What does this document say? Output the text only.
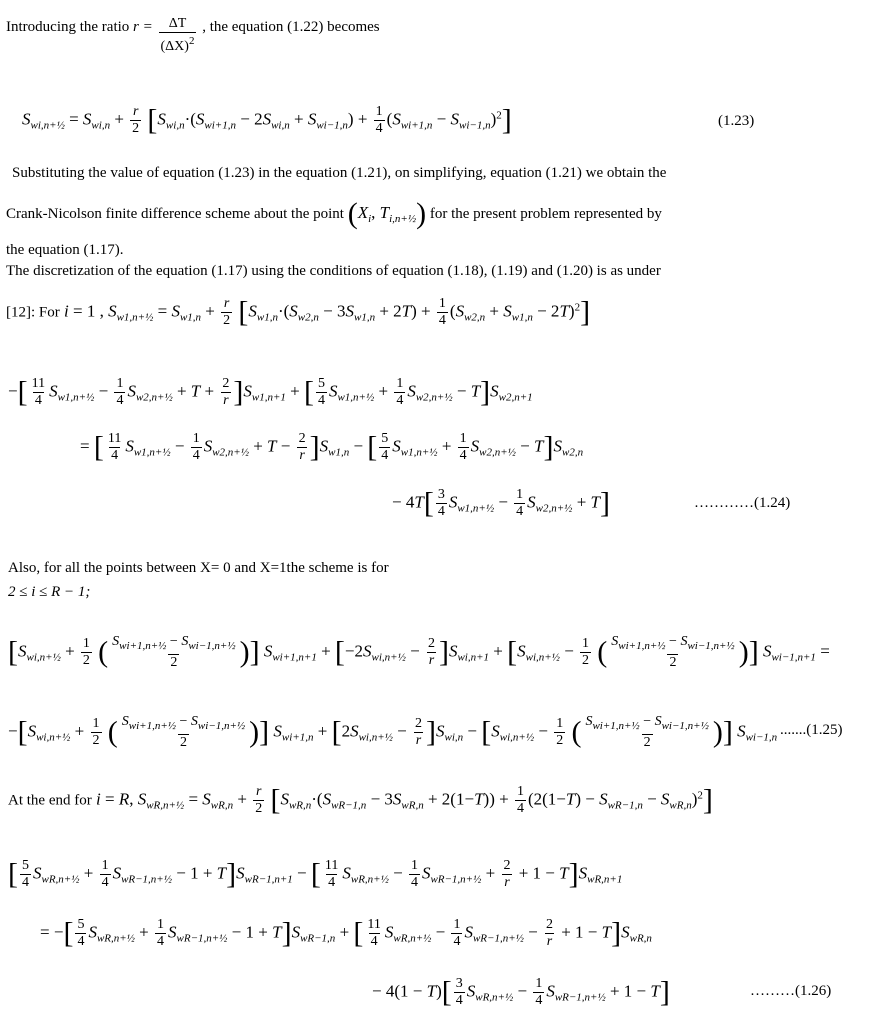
Introducing the ratio $r = \frac{\Delta T}{(\Delta X)^2}$ , the equation (1.22) becomes
$S_{wi,n+\frac{1}{2}} = S_{wi,n} + \frac{r}{2} [S_{wi,n}\cdot(S_{wi+1,n} - 2S_{wi,n} + S_{wi-1,n}) + \frac{1}{4} (S_{wi+1,n} - S_{wi-1,n})^2]$	(1.23)
Substituting the value of equation (1.23) in the equation (1.21), on simplifying, equation (1.21) we obtain the
Crank-Nicolson finite difference scheme about the point ($X_i$, $T_{i,n+\frac{1}{2}}$) for the present problem represented by
the equation (1.17).
The discretization of the equation (1.17) using the conditions of equation (1.18), (1.19) and (1.20) is as under
[12]: For i = 1 , $S_{w1,n+\frac{1}{2}} = S_{w1,n} + \frac{r}{2} [S_{w1,n}\cdot(S_{w2,n} - 3S_{w1,n} + 2T) + \frac{1}{4} (S_{w2,n} + S_{w1,n} - 2T)^2]$
−[ $\frac{11}{4} S_{w1,n+\frac{1}{2}} - \frac{1}{4} S_{w2,n+\frac{1}{2}} + T + \frac{2}{r} ]S_{w1,n+1}$ + [ $\frac{5}{4} S_{w1,n+\frac{1}{2}} + \frac{1}{4} S_{w2,n+\frac{1}{2}} - T]S_{w2,n+1}$
= [ $\frac{11}{4} S_{w1,n+\frac{1}{2}} - \frac{1}{4} S_{w2,n+\frac{1}{2}} + T - \frac{2}{r} ]S_{w1,n}$ − [ $\frac{5}{4} S_{w1,n+\frac{1}{2}} + \frac{1}{4} S_{w2,n+\frac{1}{2}} - T]S_{w2,n}$
− $4T[ \frac{3}{4} S_{w1,n+\frac{1}{2}} - \frac{1}{4} S_{w2,n+\frac{1}{2}} + T]$	…………(1.24)
Also, for all the points between X= 0 and X=1the scheme is for
2 ≤ i ≤ R − 1;
[$S_{wi,n+\frac{1}{2}} + \frac{1}{2}$ ( $\frac{S_{wi+1,n+\frac{1}{2}} - S_{wi-1,n+\frac{1}{2}}}{2}$ )] $S_{wi+1,n+1} + [-2S_{wi,n+\frac{1}{2}} - \frac{2}{r} ]S_{wi,n+1} + [S_{wi,n+\frac{1}{2}} - \frac{1}{2}$ ( $\frac{S_{wi+1,n+\frac{1}{2}} - S_{wi-1,n+\frac{1}{2}}}{2}$ )] $S_{wi-1,n+1}$ =
$-[S_{wi,n+\frac{1}{2}} + \frac{1}{2}$ ( $\frac{S_{wi+1,n+\frac{1}{2}} - S_{wi-1,n+\frac{1}{2}}}{2}$ )] $S_{wi+1,n} + [2S_{wi,n+\frac{1}{2}} - \frac{2}{r} ]S_{wi,n} - [S_{wi,n+\frac{1}{2}} - \frac{1}{2}$ ( $\frac{S_{wi+1,n+\frac{1}{2}} - S_{wi-1,n+\frac{1}{2}}}{2}$ )] $S_{wi-1,n}$ .......(1.25)
At the end for i = R, $S_{wR,n+\frac{1}{2}} = S_{wR,n} + \frac{r}{2} [S_{wR,n}\cdot(S_{wR-1,n} - 3S_{wR,n} + 2(1-T)) + \frac{1}{4} (2(1-T) - S_{wR-1,n} - S_{wR,n})^2]$
[ $\frac{5}{4} S_{wR,n+\frac{1}{2}} + \frac{1}{4} S_{wR-1,n+\frac{1}{2}} - 1 + T]S_{wR-1,n+1}$ − [ $\frac{11}{4} S_{wR,n+\frac{1}{2}} - \frac{1}{4} S_{wR-1,n+\frac{1}{2}} + \frac{2}{r} + 1 - T]S_{wR,n+1}$
= −[ $\frac{5}{4} S_{wR,n+\frac{1}{2}} + \frac{1}{4} S_{wR-1,n+\frac{1}{2}} - 1 + T]S_{wR-1,n}$ + [ $\frac{11}{4} S_{wR,n+\frac{1}{2}} - \frac{1}{4} S_{wR-1,n+\frac{1}{2}} - \frac{2}{r} + 1 - T]S_{wR,n}$
− $4(1 - T)[ \frac{3}{4} S_{wR,n+\frac{1}{2}} - \frac{1}{4} S_{wR-1,n+\frac{1}{2}} + 1 - T]$	………(1.26)
